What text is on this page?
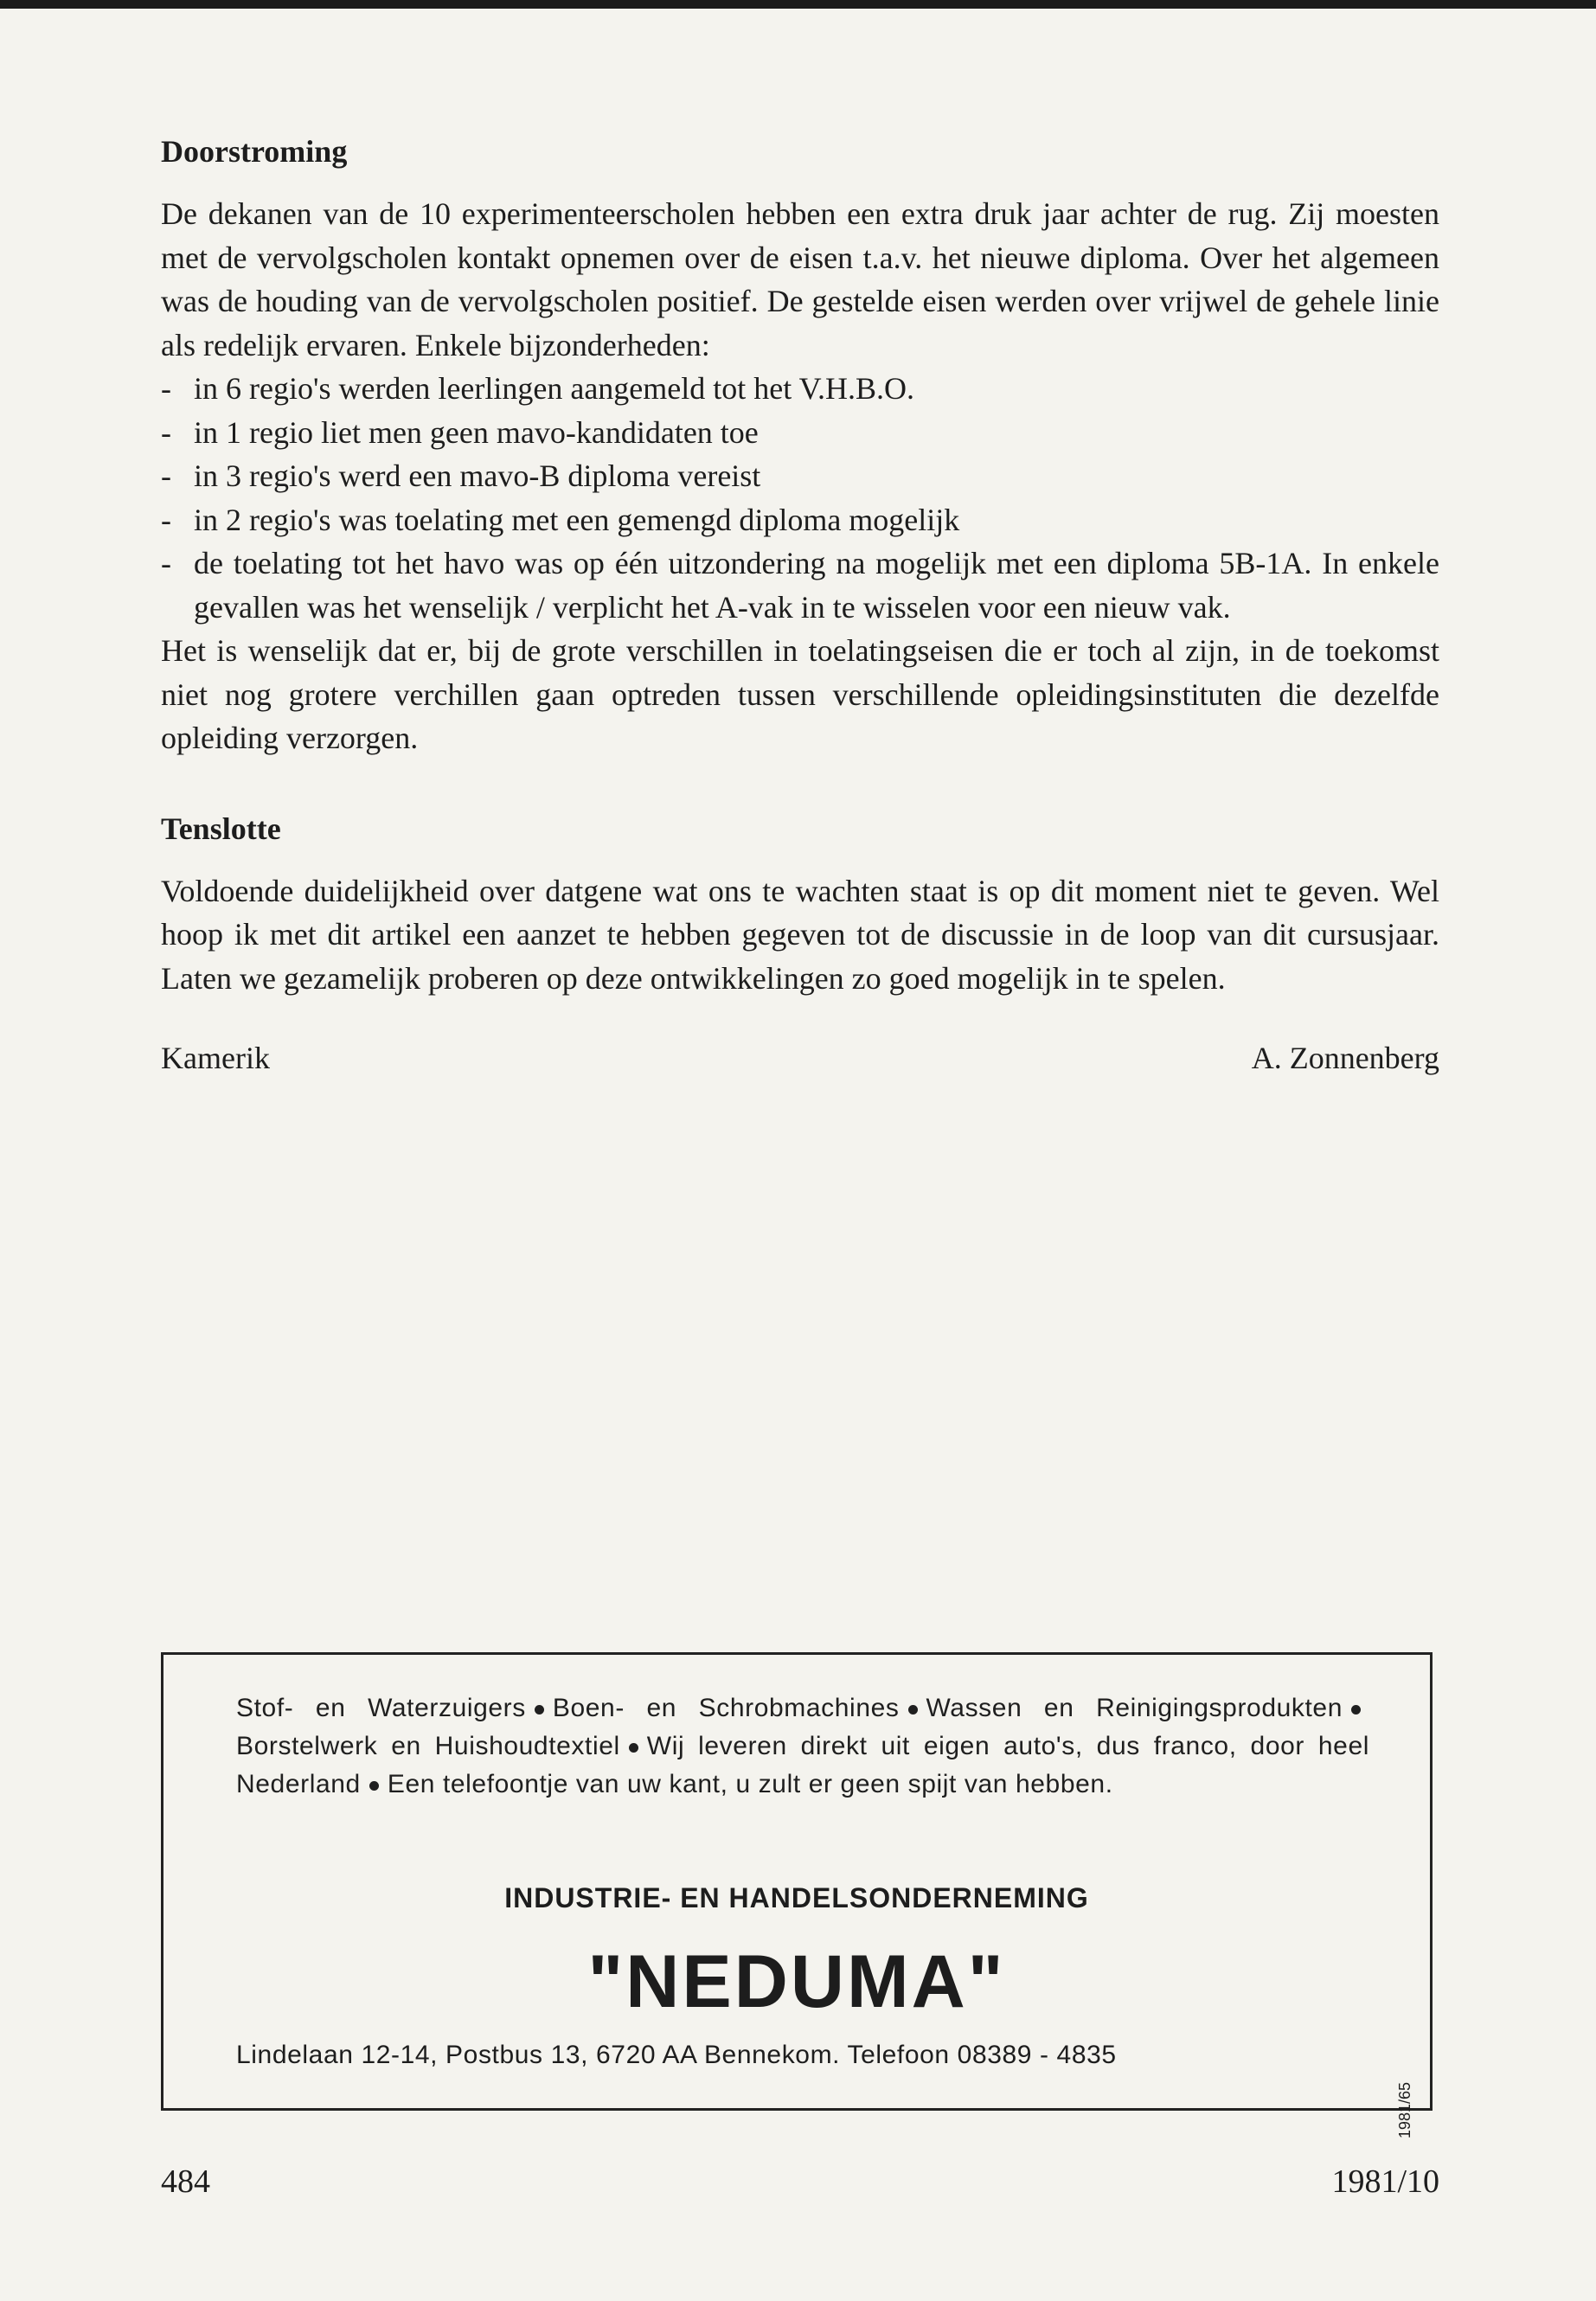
Doorstroming

De dekanen van de 10 experimenteerscholen hebben een extra druk jaar achter de rug. Zij moesten met de vervolgscholen kontakt opnemen over de eisen t.a.v. het nieuwe diploma. Over het algemeen was de houding van de vervolgscholen positief. De gestelde eisen werden over vrijwel de gehele linie als redelijk ervaren. Enkele bijzonderheden:

- in 6 regio's werden leerlingen aangemeld tot het V.H.B.O.
- in 1 regio liet men geen mavo-kandidaten toe
- in 3 regio's werd een mavo-B diploma vereist
- in 2 regio's was toelating met een gemengd diploma mogelijk
- de toelating tot het havo was op één uitzondering na mogelijk met een diploma 5B-1A. In enkele gevallen was het wenselijk / verplicht het A-vak in te wisselen voor een nieuw vak.

Het is wenselijk dat er, bij de grote verschillen in toelatingseisen die er toch al zijn, in de toekomst niet nog grotere verchillen gaan optreden tussen verschillende opleidingsinstituten die dezelfde opleiding verzorgen.

Tenslotte

Voldoende duidelijkheid over datgene wat ons te wachten staat is op dit moment niet te geven. Wel hoop ik met dit artikel een aanzet te hebben gegeven tot de discussie in de loop van dit cursusjaar. Laten we gezamelijk proberen op deze ontwikkelingen zo goed mogelijk in te spelen.

Kamerik	A. Zonnenberg
Stof- en Waterzuigers Boen- en Schrobmachines Wassen en ReinigingsproduktenBorstelwerk en Huishoudtextiel Wij leveren direkt uit eigen auto's, dus franco, door heel Nederland Een telefoontje van uw kant, u zult er geen spijt van hebben.
INDUSTRIE- EN HANDELSONDERNEMING
"NEDUMA"
Lindelaan 12-14, Postbus 13, 6720 AA Bennekom. Telefoon 08389 - 4835
1981/65
484	1981/10
